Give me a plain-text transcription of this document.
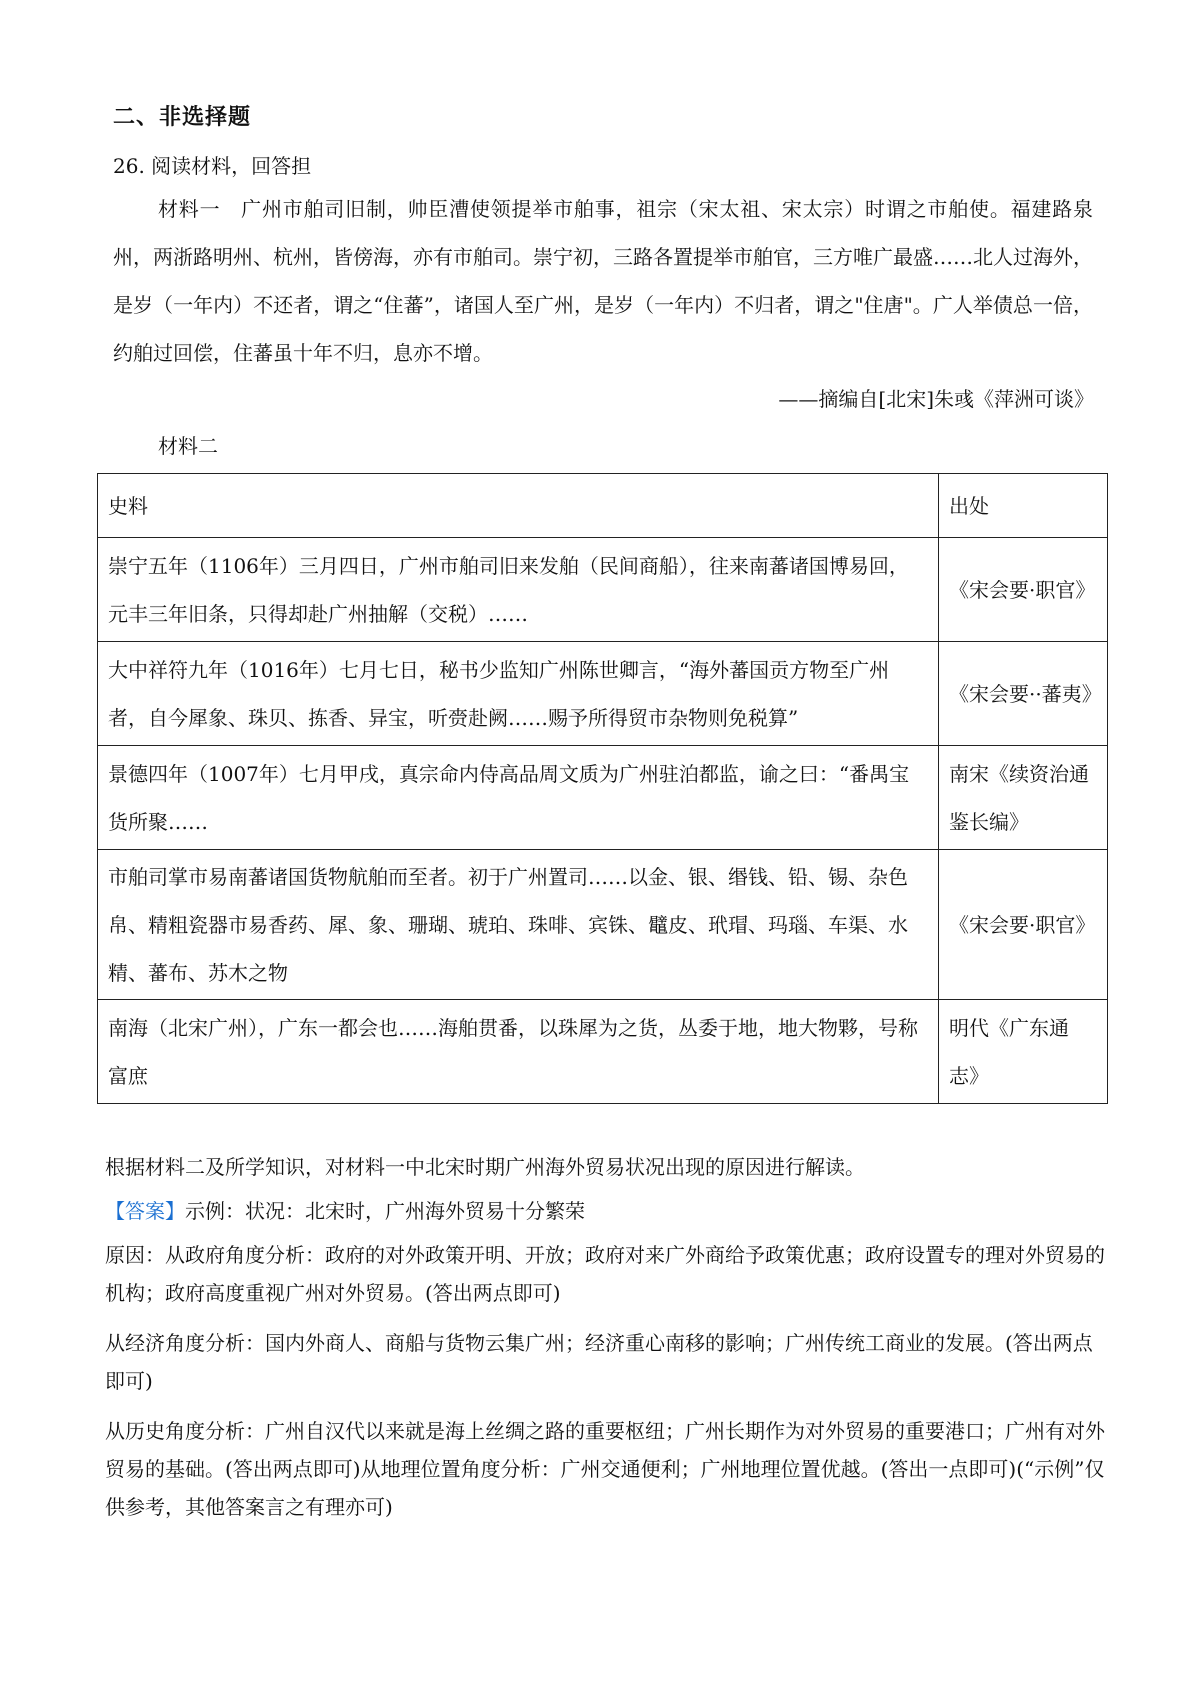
二、非选择题
26. 阅读材料，回答担
材料一　广州市舶司旧制，帅臣漕使领提举市舶事，祖宗（宋太祖、宋太宗）时谓之市舶使。福建路泉州，两浙路明州、杭州，皆傍海，亦有市舶司。崇宁初，三路各置提举市舶官，三方唯广最盛……北人过海外，是岁（一年内）不还者，谓之“住蕃”，诸国人至广州，是岁（一年内）不归者，谓之"住唐"。广人举债总一倍，约舶过回偿，住蕃虽十年不归，息亦不增。
——摘编自[北宋]朱彧《萍洲可谈》
材料二
史料	出处
崇宁五年（1106年）三月四日，广州市舶司旧来发舶（民间商船），往来南蕃诸国博易回，元丰三年旧条，只得却赴广州抽解（交税）……	《宋会要·职官》
大中祥符九年（1016年）七月七日，秘书少监知广州陈世卿言，“海外蕃国贡方物至广州者，自今犀象、珠贝、拣香、异宝，听赍赴阙……赐予所得贸市杂物则免税算”	《宋会要··蕃夷》
景德四年（1007年）七月甲戌，真宗命内侍高品周文质为广州驻泊都监，谕之曰：“番禺宝货所聚……	南宋《续资治通鉴长编》
市舶司掌市易南蕃诸国货物航舶而至者。初于广州置司……以金、银、缗钱、铅、锡、杂色帛、精粗瓷器市易香药、犀、象、珊瑚、琥珀、珠啡、宾铢、鼊皮、玳瑁、玛瑙、车渠、水精、蕃布、苏木之物	《宋会要·职官》
南海（北宋广州），广东一都会也……海舶贯番，以珠犀为之货，丛委于地，地大物夥，号称富庶	明代《广东通志》
根据材料二及所学知识，对材料一中北宋时期广州海外贸易状况出现的原因进行解读。
【答案】示例：状况：北宋时，广州海外贸易十分繁荣
原因：从政府角度分析：政府的对外政策开明、开放；政府对来广外商给予政策优惠；政府设置专的理对外贸易的机构；政府高度重视广州对外贸易。(答出两点即可)
从经济角度分析：国内外商人、商船与货物云集广州；经济重心南移的影响；广州传统工商业的发展。(答出两点即可)
从历史角度分析：广州自汉代以来就是海上丝绸之路的重要枢纽；广州长期作为对外贸易的重要港口；广州有对外贸易的基础。(答出两点即可)从地理位置角度分析：广州交通便利；广州地理位置优越。(答出一点即可)(“示例”仅供参考，其他答案言之有理亦可)
